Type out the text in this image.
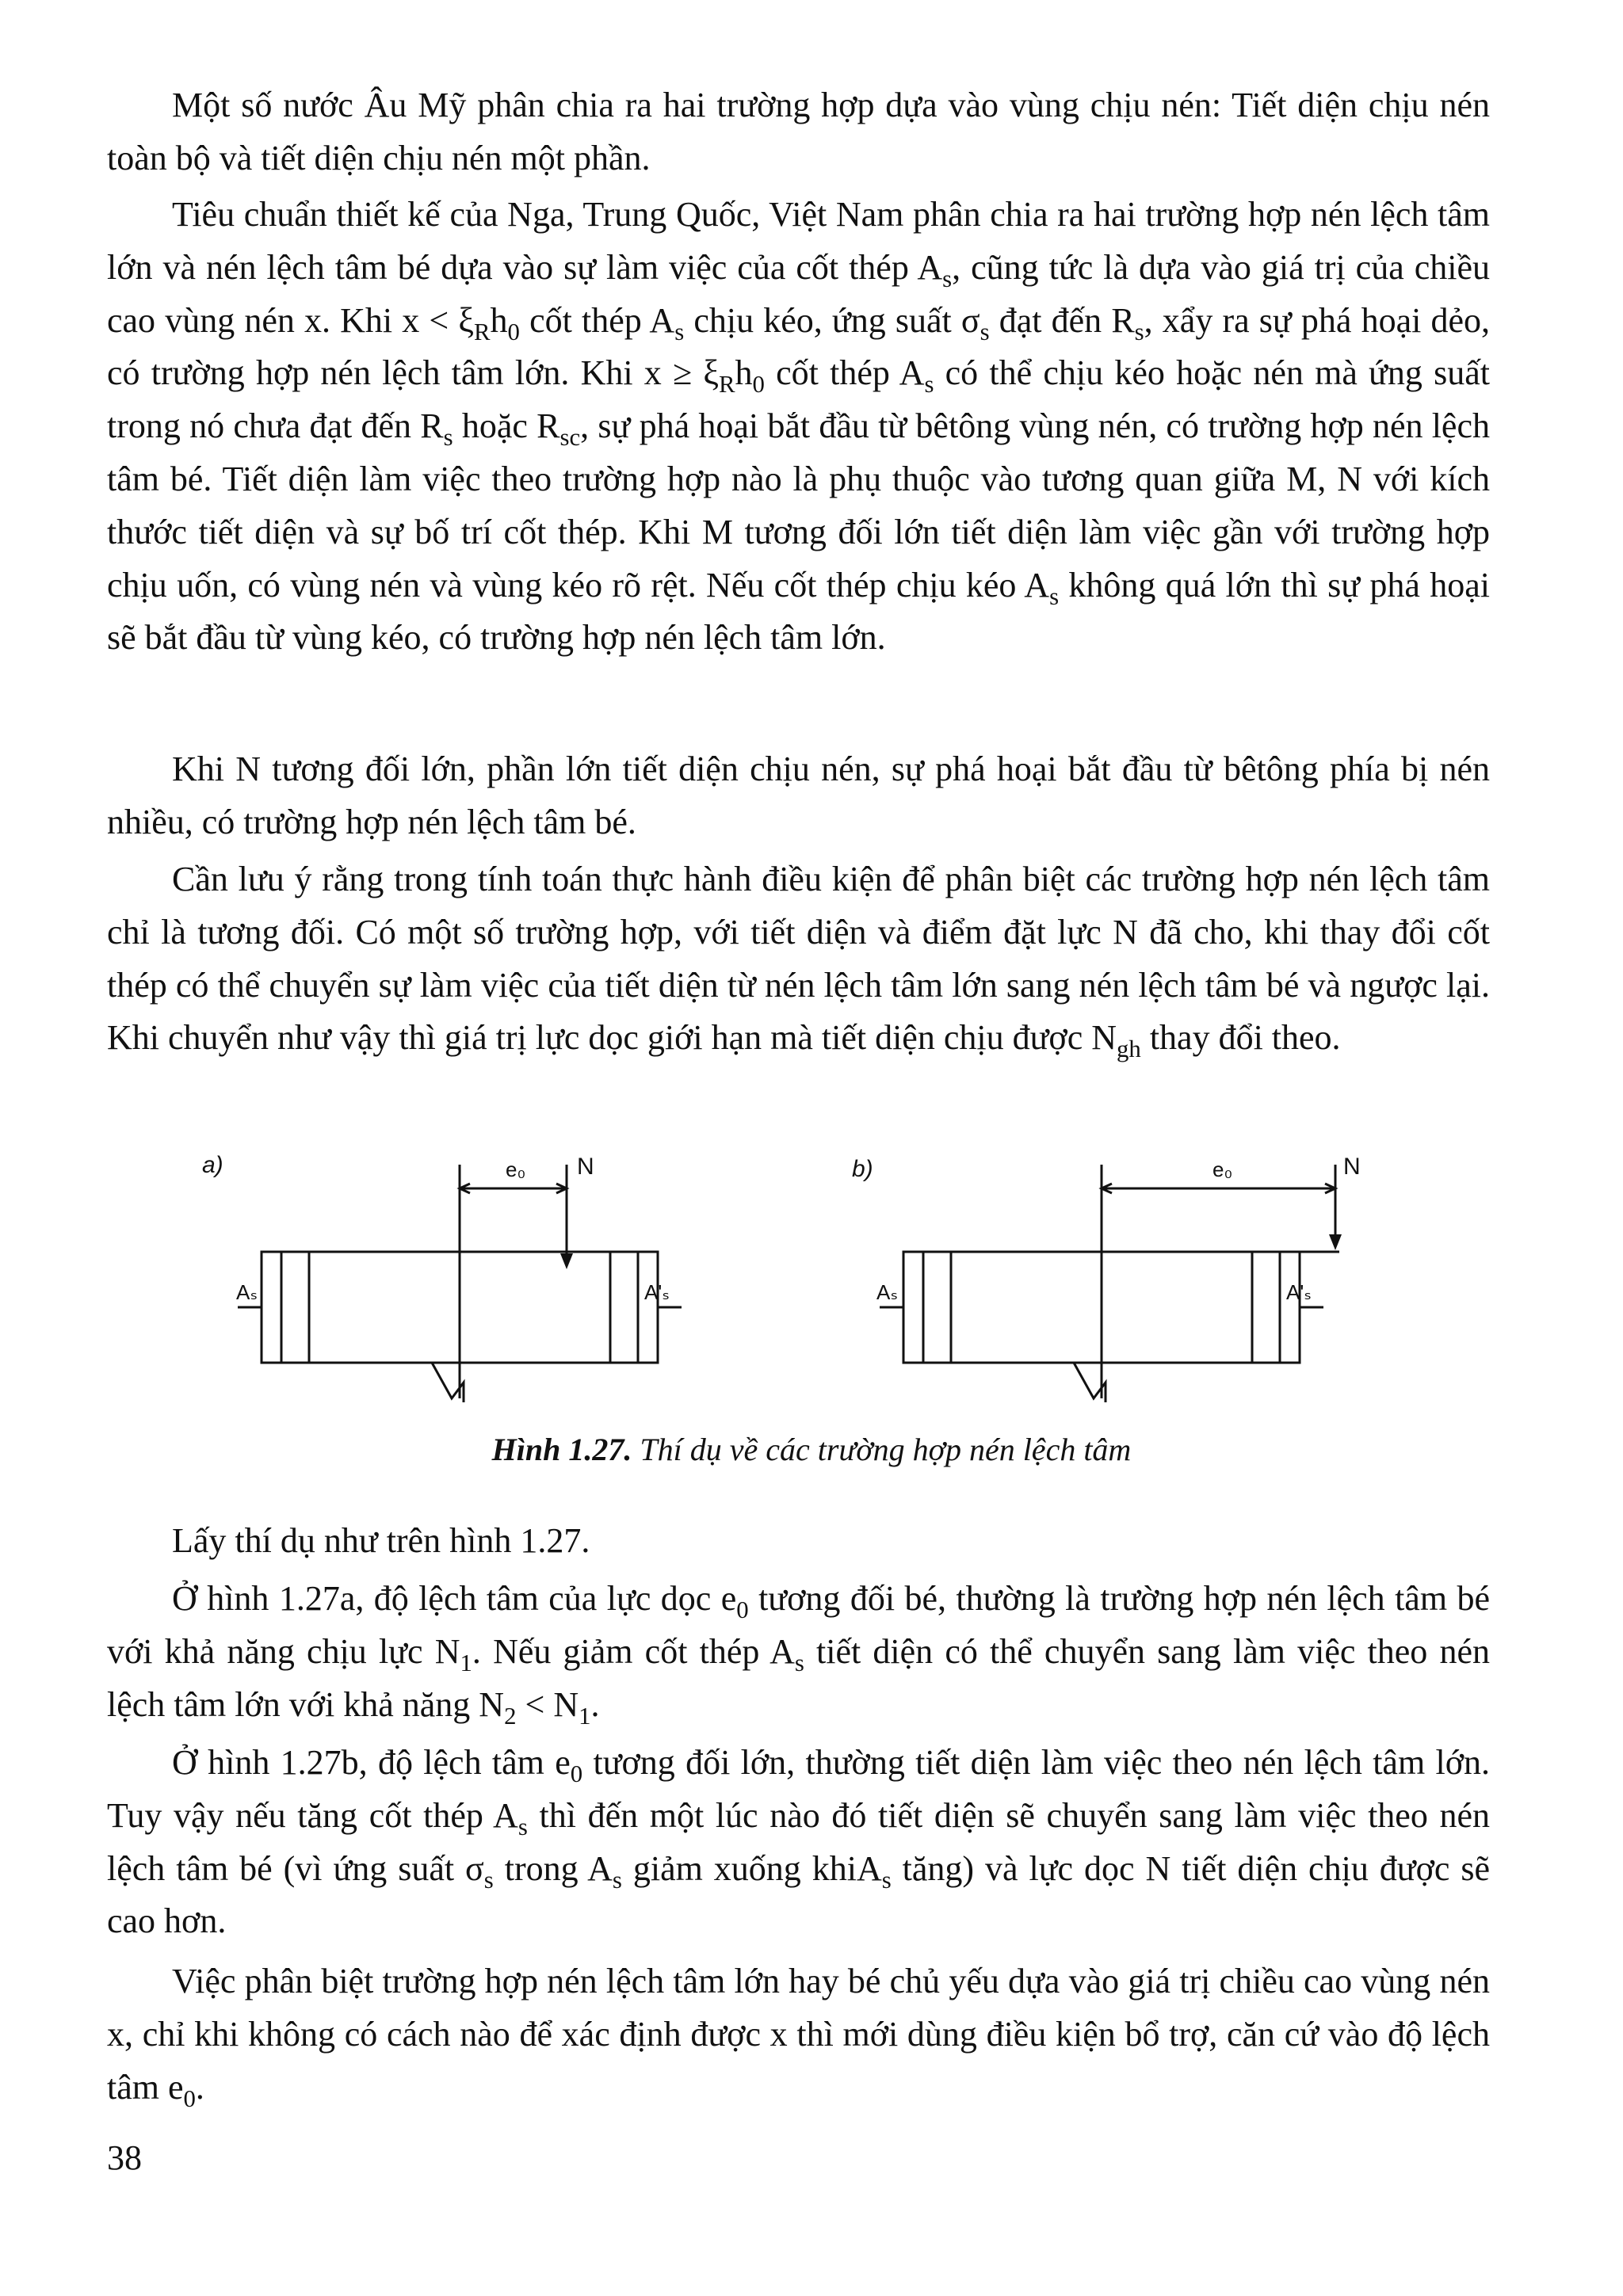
Một số nước Âu Mỹ phân chia ra hai trường hợp dựa vào vùng chịu nén: Tiết diện chịu nén toàn bộ và tiết diện chịu nén một phần.

Tiêu chuẩn thiết kế của Nga, Trung Quốc, Việt Nam phân chia ra hai trường hợp nén lệch tâm lớn và nén lệch tâm bé dựa vào sự làm việc của cốt thép $A_s$, cũng tức là dựa vào giá trị của chiều cao vùng nén x. Khi $x < \xi_Rh_0$ cốt thép $A_s$ chịu kéo, ứng suất $\sigma_s$ đạt đến $R_s$, xẩy ra sự phá hoại dẻo, có trường hợp nén lệch tâm lớn. Khi $x \ge \xi_Rh_0$ cốt thép $A_s$ có thể chịu kéo hoặc nén mà ứng suất trong nó chưa đạt đến $R_s$ hoặc $R_{sc}$, sự phá hoại bắt đầu từ bêtông vùng nén, có trường hợp nén lệch tâm bé. Tiết diện làm việc theo trường hợp nào là phụ thuộc vào tương quan giữa M, N với kích thước tiết diện và sự bố trí cốt thép. Khi M tương đối lớn tiết diện làm việc gần với trường hợp chịu uốn, có vùng nén và vùng kéo rõ rệt. Nếu cốt thép chịu kéo $A_s$ không quá lớn thì sự phá hoại sẽ bắt đầu từ vùng kéo, có trường hợp nén lệch tâm lớn.

Khi N tương đối lớn, phần lớn tiết diện chịu nén, sự phá hoại bắt đầu từ bêtông phía bị nén nhiều, có trường hợp nén lệch tâm bé.

Cần lưu ý rằng trong tính toán thực hành điều kiện để phân biệt các trường hợp nén lệch tâm chỉ là tương đối. Có một số trường hợp, với tiết diện và điểm đặt lực N đã cho, khi thay đổi cốt thép có thể chuyển sự làm việc của tiết diện từ nén lệch tâm lớn sang nén lệch tâm bé và ngược lại. Khi chuyển như vậy thì giá trị lực dọc giới hạn mà tiết diện chịu được $N_{gh}$ thay đổi theo.

a)	e₀ N
Aₛ	A'ₛ
b)	e₀	N
Aₛ	A'ₛ

Hình 1.27. Thí dụ về các trường hợp nén lệch tâm

Lấy thí dụ như trên hình 1.27.

Ở hình 1.27a, độ lệch tâm của lực dọc $e_0$ tương đối bé, thường là trường hợp nén lệch tâm bé với khả năng chịu lực $N_1$. Nếu giảm cốt thép $A_s$ tiết diện có thể chuyển sang làm việc theo nén lệch tâm lớn với khả năng $N_2 < N_1$.

Ở hình 1.27b, độ lệch tâm $e_0$ tương đối lớn, thường tiết diện làm việc theo nén lệch tâm lớn. Tuy vậy nếu tăng cốt thép $A_s$ thì đến một lúc nào đó tiết diện sẽ chuyển sang làm việc theo nén lệch tâm bé (vì ứng suất $\sigma_s$ trong $A_s$ giảm xuống khiA$_s$ tăng) và lực dọc N tiết diện chịu được sẽ cao hơn.

Việc phân biệt trường hợp nén lệch tâm lớn hay bé chủ yếu dựa vào giá trị chiều cao vùng nén x, chỉ khi không có cách nào để xác định được x thì mới dùng điều kiện bổ trợ, căn cứ vào độ lệch tâm $e_0$.

38
